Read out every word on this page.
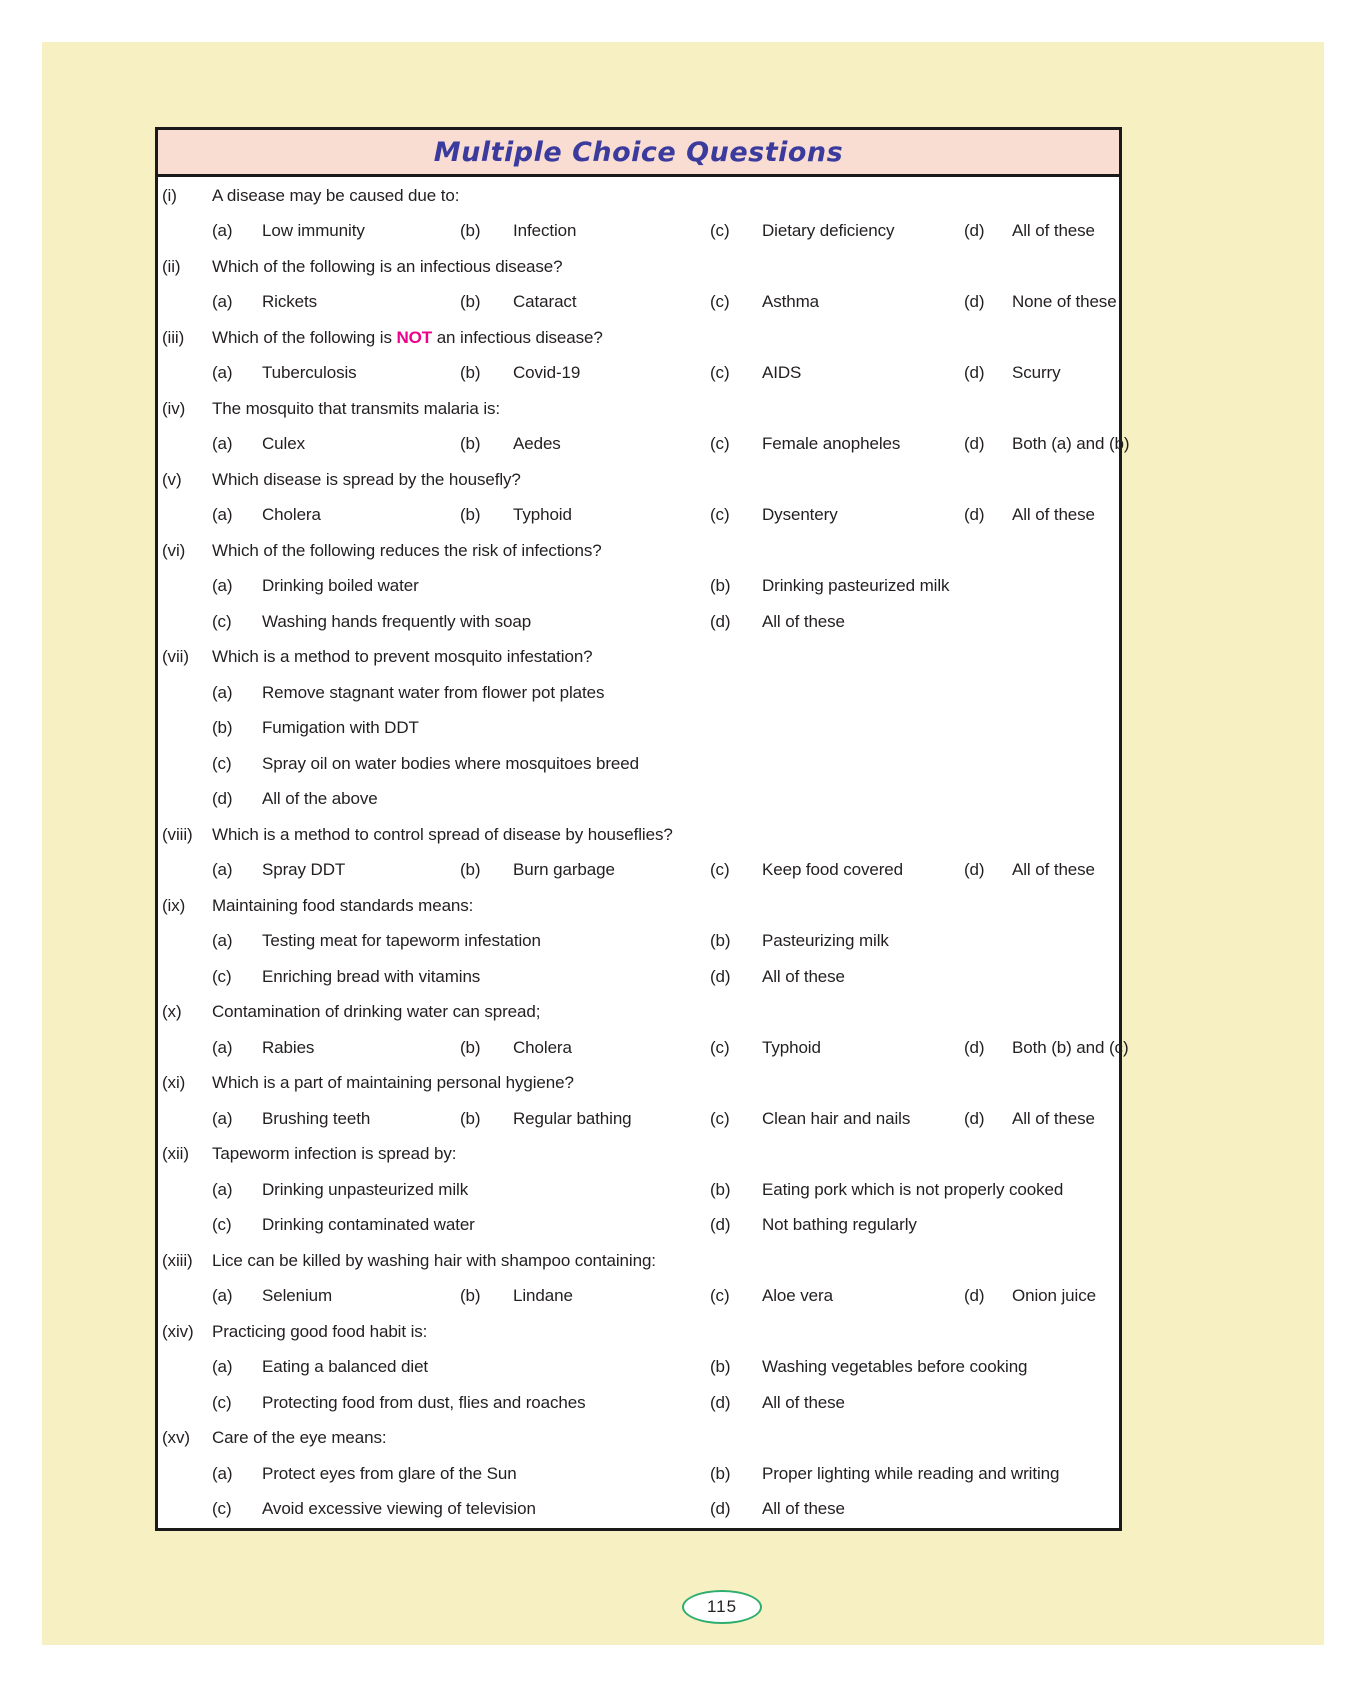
Multiple Choice Questions
(i)	A disease may be caused due to:
(a)	Low immunity	(b)	Infection	(c)	Dietary deficiency	(d)	All of these
(ii)	Which of the following is an infectious disease?
(a)	Rickets	(b)	Cataract	(c)	Asthma	(d)	None of these
(iii)	Which of the following is NOT an infectious disease?
(a)	Tuberculosis	(b)	Covid-19	(c)	AIDS	(d)	Scurry
(iv)	The mosquito that transmits malaria is:
(a)	Culex	(b)	Aedes	(c)	Female anopheles	(d)	Both (a) and (b)
(v)	Which disease is spread by the housefly?
(a)	Cholera	(b)	Typhoid	(c)	Dysentery	(d)	All of these
(vi)	Which of the following reduces the risk of infections?
(a)	Drinking boiled water	(b)	Drinking pasteurized milk
(c)	Washing hands frequently with soap	(d)	All of these
(vii)	Which is a method to prevent mosquito infestation?
(a)	Remove stagnant water from flower pot plates
(b)	Fumigation with DDT
(c)	Spray oil on water bodies where mosquitoes breed
(d)	All of the above
(viii)	Which is a method to control spread of disease by houseflies?
(a)	Spray DDT	(b)	Burn garbage	(c)	Keep food covered	(d)	All of these
(ix)	Maintaining food standards means:
(a)	Testing meat for tapeworm infestation	(b)	Pasteurizing milk
(c)	Enriching bread with vitamins	(d)	All of these
(x)	Contamination of drinking water can spread;
(a)	Rabies	(b)	Cholera	(c)	Typhoid	(d)	Both (b) and (c)
(xi)	Which is a part of maintaining personal hygiene?
(a)	Brushing teeth	(b)	Regular bathing	(c)	Clean hair and nails	(d)	All of these
(xii)	Tapeworm infection is spread by:
(a)	Drinking unpasteurized milk	(b)	Eating pork which is not properly cooked
(c)	Drinking contaminated water	(d)	Not bathing regularly
(xiii)	Lice can be killed by washing hair with shampoo containing:
(a)	Selenium	(b)	Lindane	(c)	Aloe vera	(d)	Onion juice
(xiv)	Practicing good food habit is:
(a)	Eating a balanced diet	(b)	Washing vegetables before cooking
(c)	Protecting food from dust, flies and roaches	(d)	All of these
(xv)	Care of the eye means:
(a)	Protect eyes from glare of the Sun	(b)	Proper lighting while reading and writing
(c)	Avoid excessive viewing of television	(d)	All of these
115
